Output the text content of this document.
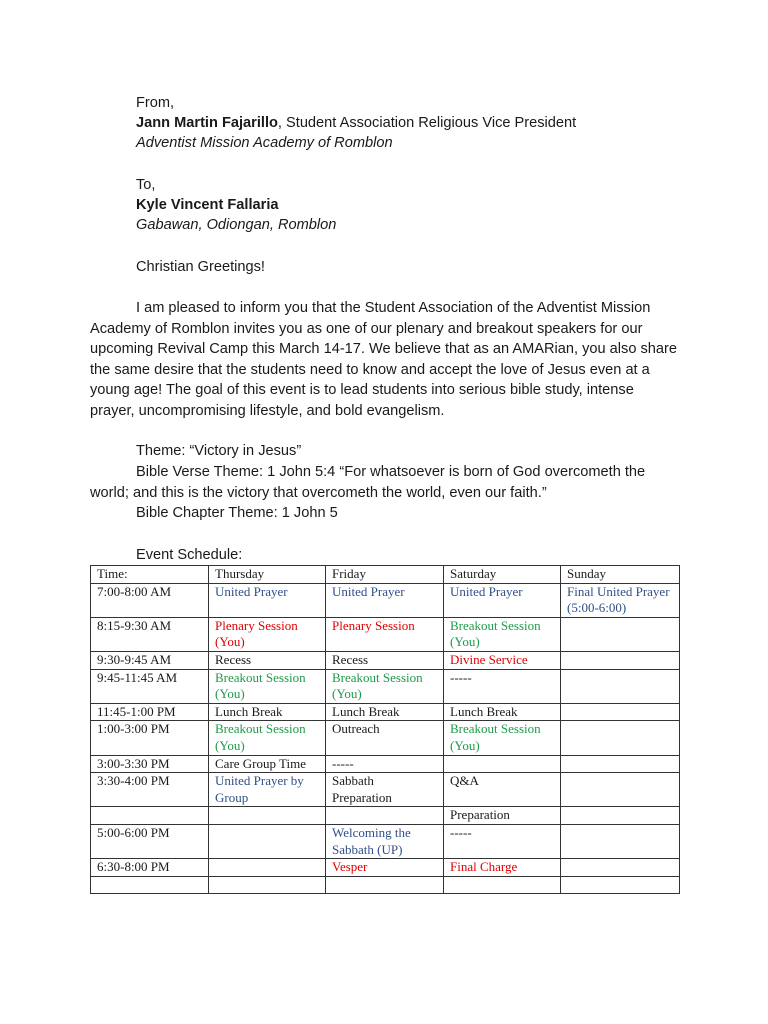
From,
Jann Martin Fajarillo, Student Association Religious Vice President
Adventist Mission Academy of Romblon
To,
Kyle Vincent Fallaria
Gabawan, Odiongan, Romblon
Christian Greetings!
I am pleased to inform you that the Student Association of the Adventist Mission Academy of Romblon invites you as one of our plenary and breakout speakers for our upcoming Revival Camp this March 14-17. We believe that as an AMARian, you also share the same desire that the students need to know and accept the love of Jesus even at a young age! The goal of this event is to lead students into serious bible study, intense prayer, uncompromising lifestyle, and bold evangelism.
Theme: “Victory in Jesus”
Bible Verse Theme: 1 John 5:4 “For whatsoever is born of God overcometh the world; and this is the victory that overcometh the world, even our faith.”
Bible Chapter Theme: 1 John 5
Event Schedule:
Time:	Thursday	Friday	Saturday	Sunday
7:00-8:00 AM	United Prayer	United Prayer	United Prayer	Final United Prayer (5:00-6:00)
8:15-9:30 AM	Plenary Session (You)	Plenary Session	Breakout Session (You)	
9:30-9:45 AM	Recess	Recess	Divine Service	
9:45-11:45 AM	Breakout Session (You)	Breakout Session (You)	-----	
11:45-1:00 PM	Lunch Break	Lunch Break	Lunch Break	
1:00-3:00 PM	Breakout Session (You)	Outreach	Breakout Session (You)	
3:00-3:30 PM	Care Group Time	-----		
3:30-4:00 PM	United Prayer by Group	Sabbath Preparation	Q&A	
			Preparation	
5:00-6:00 PM		Welcoming the Sabbath (UP)	-----	
6:30-8:00 PM		Vesper	Final Charge	
